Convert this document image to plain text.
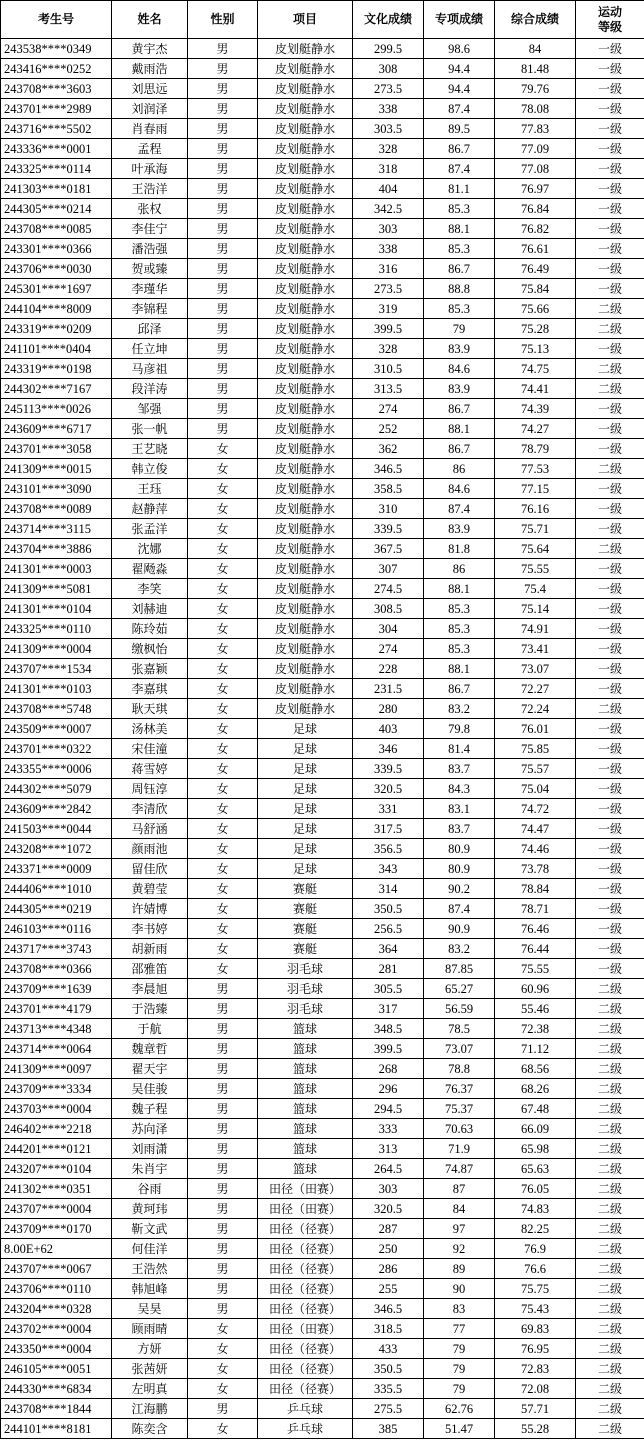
考生号	姓名	性别	项目	文化成绩	专项成绩	综合成绩	运动
等级
243538****0349	黄宇杰	男	皮划艇静水	299.5	98.6	84	一级
243416****0252	戴雨浩	男	皮划艇静水	308	94.4	81.48	一级
243708****3603	刘思远	男	皮划艇静水	273.5	94.4	79.76	一级
243701****2989	刘润泽	男	皮划艇静水	338	87.4	78.08	一级
243716****5502	肖春雨	男	皮划艇静水	303.5	89.5	77.83	一级
243336****0001	孟程	男	皮划艇静水	328	86.7	77.09	一级
243325****0114	叶承海	男	皮划艇静水	318	87.4	77.08	一级
241303****0181	王浩洋	男	皮划艇静水	404	81.1	76.97	一级
244305****0214	张权	男	皮划艇静水	342.5	85.3	76.84	一级
243708****0085	李佳宁	男	皮划艇静水	303	88.1	76.82	一级
243301****0366	潘浩强	男	皮划艇静水	338	85.3	76.61	一级
243706****0030	贺或臻	男	皮划艇静水	316	86.7	76.49	一级
245301****1697	李瑾华	男	皮划艇静水	273.5	88.8	75.84	一级
244104****8009	李锦程	男	皮划艇静水	319	85.3	75.66	二级
243319****0209	邱泽	男	皮划艇静水	399.5	79	75.28	二级
241101****0404	任立坤	男	皮划艇静水	328	83.9	75.13	一级
243319****0198	马彦祖	男	皮划艇静水	310.5	84.6	74.75	二级
244302****7167	段洋涛	男	皮划艇静水	313.5	83.9	74.41	二级
245113****0026	邹强	男	皮划艇静水	274	86.7	74.39	一级
243609****6717	张一帆	男	皮划艇静水	252	88.1	74.27	一级
243701****3058	王艺晓	女	皮划艇静水	362	86.7	78.79	一级
241309****0015	韩立俊	女	皮划艇静水	346.5	86	77.53	二级
243101****3090	王珏	女	皮划艇静水	358.5	84.6	77.15	一级
243708****0089	赵静萍	女	皮划艇静水	310	87.4	76.16	一级
243714****3115	张孟洋	女	皮划艇静水	339.5	83.9	75.71	一级
243704****3886	沈娜	女	皮划艇静水	367.5	81.8	75.64	二级
241301****0003	翟飏淼	女	皮划艇静水	307	86	75.55	一级
241309****5081	李笑	女	皮划艇静水	274.5	88.1	75.4	一级
241301****0104	刘赫迪	女	皮划艇静水	308.5	85.3	75.14	一级
243325****0110	陈玲茹	女	皮划艇静水	304	85.3	74.91	一级
241309****0004	缴枫怡	女	皮划艇静水	274	85.3	73.41	一级
243707****1534	张嘉颖	女	皮划艇静水	228	88.1	73.07	一级
241301****0103	李嘉琪	女	皮划艇静水	231.5	86.7	72.27	一级
243708****5748	耿天琪	女	皮划艇静水	280	83.2	72.24	二级
243509****0007	汤林美	女	足球	403	79.8	76.01	一级
243701****0322	宋佳潼	女	足球	346	81.4	75.85	一级
243355****0006	蒋雪婷	女	足球	339.5	83.7	75.57	一级
244302****5079	周钰淳	女	足球	320.5	84.3	75.04	一级
243609****2842	李清欣	女	足球	331	83.1	74.72	一级
241503****0044	马舒涵	女	足球	317.5	83.7	74.47	一级
243208****1072	颜雨池	女	足球	356.5	80.9	74.46	一级
243371****0009	留佳欣	女	足球	343	80.9	73.78	一级
244406****1010	黄碧莹	女	赛艇	314	90.2	78.84	一级
244305****0219	许婧博	女	赛艇	350.5	87.4	78.71	一级
246103****0116	李书婷	女	赛艇	256.5	90.9	76.46	一级
243717****3743	胡新雨	女	赛艇	364	83.2	76.44	一级
243708****0366	邵雅笛	女	羽毛球	281	87.85	75.55	一级
243709****1639	李晨旭	男	羽毛球	305.5	65.27	60.96	二级
243701****4179	于浩臻	男	羽毛球	317	56.59	55.46	二级
243713****4348	于航	男	篮球	348.5	78.5	72.38	二级
243714****0064	魏章哲	男	篮球	399.5	73.07	71.12	二级
241309****0097	翟天宇	男	篮球	268	78.8	68.56	二级
243709****3334	吴佳骏	男	篮球	296	76.37	68.26	二级
243703****0004	魏子程	男	篮球	294.5	75.37	67.48	二级
246402****2218	苏向泽	男	篮球	333	70.63	66.09	二级
244201****0121	刘雨潇	男	篮球	313	71.9	65.98	二级
243207****0104	朱肖宇	男	篮球	264.5	74.87	65.63	二级
241302****0351	谷雨	男	田径（田赛）	303	87	76.05	二级
243707****0004	黄珂玮	男	田径（田赛）	320.5	84	74.83	二级
243709****0170	靳文武	男	田径（径赛）	287	97	82.25	二级
8.00E+62	何佳洋	男	田径（径赛）	250	92	76.9	二级
243707****0067	王浩然	男	田径（径赛）	286	89	76.6	二级
243706****0110	韩旭峰	男	田径（径赛）	255	90	75.75	二级
243204****0328	吴昊	男	田径（径赛）	346.5	83	75.43	二级
243702****0004	顾雨晴	女	田径（田赛）	318.5	77	69.83	二级
243350****0004	方妍	女	田径（径赛）	433	79	76.95	二级
246105****0051	张茜妍	女	田径（径赛）	350.5	79	72.83	二级
244330****6834	左明真	女	田径（径赛）	335.5	79	72.08	二级
243708****1844	江海鹏	男	乒乓球	275.5	62.76	57.71	二级
244101****8181	陈奕含	女	乒乓球	385	51.47	55.28	二级
